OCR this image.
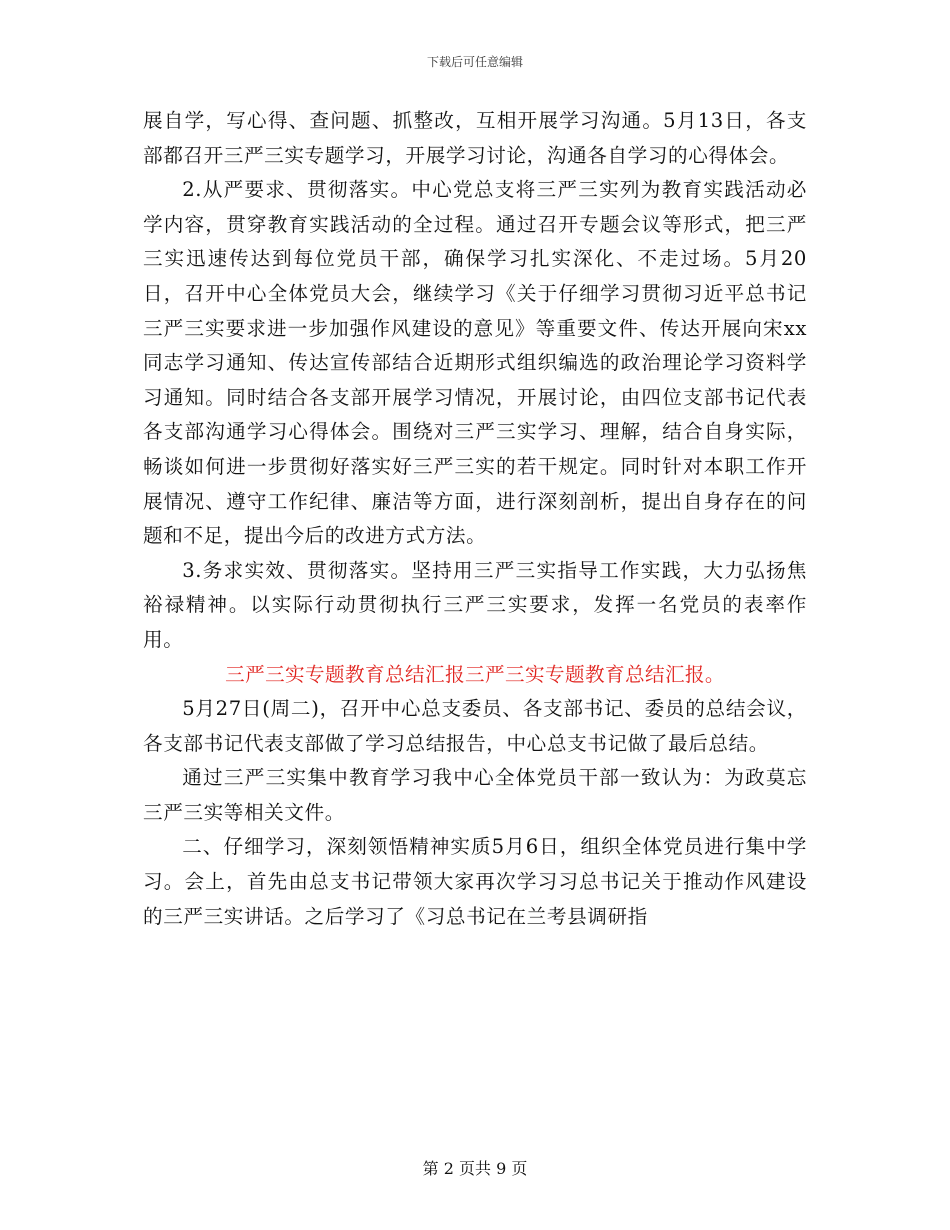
下载后可任意编辑

展自学，写心得、查问题、抓整改，互相开展学习沟通。5月13日，各支部都召开三严三实专题学习，开展学习讨论，沟通各自学习的心得体会。

2.从严要求、贯彻落实。中心党总支将三严三实列为教育实践活动必学内容，贯穿教育实践活动的全过程。通过召开专题会议等形式，把三严三实迅速传达到每位党员干部，确保学习扎实深化、不走过场。5月20日，召开中心全体党员大会，继续学习《关于仔细学习贯彻习近平总书记三严三实要求进一步加强作风建设的意见》等重要文件、传达开展向宋xx同志学习通知、传达宣传部结合近期形式组织编选的政治理论学习资料学习通知。同时结合各支部开展学习情况，开展讨论，由四位支部书记代表各支部沟通学习心得体会。围绕对三严三实学习、理解，结合自身实际，畅谈如何进一步贯彻好落实好三严三实的若干规定。同时针对本职工作开展情况、遵守工作纪律、廉洁等方面，进行深刻剖析，提出自身存在的问题和不足，提出今后的改进方式方法。

3.务求实效、贯彻落实。坚持用三严三实指导工作实践，大力弘扬焦裕禄精神。以实际行动贯彻执行三严三实要求，发挥一名党员的表率作用。

三严三实专题教育总结汇报三严三实专题教育总结汇报。

5月27日(周二)，召开中心总支委员、各支部书记、委员的总结会议，各支部书记代表支部做了学习总结报告，中心总支书记做了最后总结。

通过三严三实集中教育学习我中心全体党员干部一致认为：为政莫忘三严三实等相关文件。

二、仔细学习，深刻领悟精神实质5月6日，组织全体党员进行集中学习。会上，首先由总支书记带领大家再次学习习总书记关于推动作风建设的三严三实讲话。之后学习了《习总书记在兰考县调研指

第 2 页共 9 页
